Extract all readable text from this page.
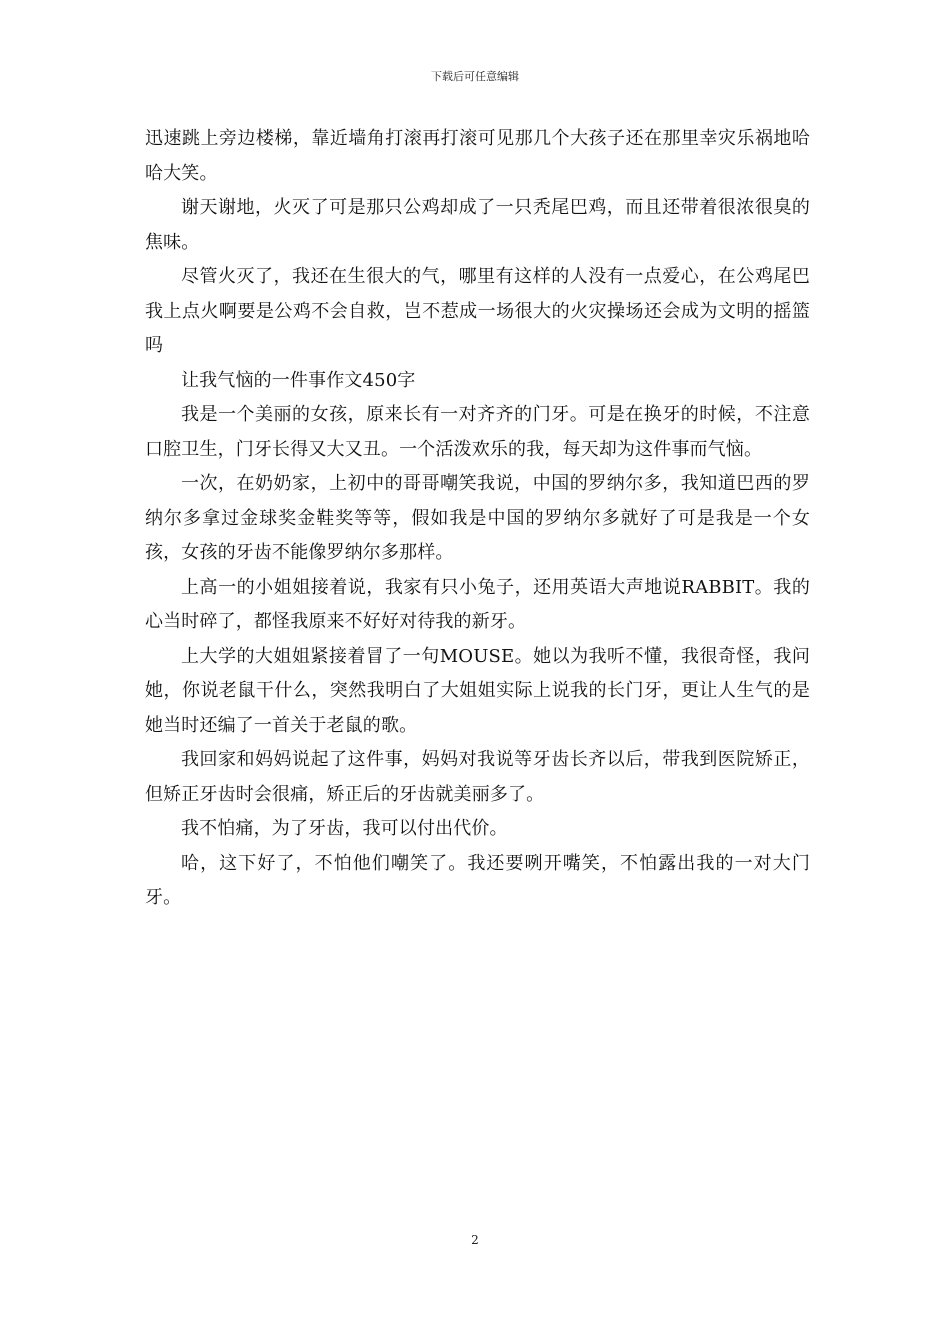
下载后可任意编辑

迅速跳上旁边楼梯，靠近墙角打滚再打滚可见那几个大孩子还在那里幸灾乐祸地哈哈大笑。

谢天谢地，火灭了可是那只公鸡却成了一只秃尾巴鸡，而且还带着很浓很臭的焦味。

尽管火灭了，我还在生很大的气，哪里有这样的人没有一点爱心，在公鸡尾巴我上点火啊要是公鸡不会自救，岂不惹成一场很大的火灾操场还会成为文明的摇篮吗

让我气恼的一件事作文450字

我是一个美丽的女孩，原来长有一对齐齐的门牙。可是在换牙的时候，不注意口腔卫生，门牙长得又大又丑。一个活泼欢乐的我，每天却为这件事而气恼。

一次，在奶奶家，上初中的哥哥嘲笑我说，中国的罗纳尔多，我知道巴西的罗纳尔多拿过金球奖金鞋奖等等，假如我是中国的罗纳尔多就好了可是我是一个女孩，女孩的牙齿不能像罗纳尔多那样。

上高一的小姐姐接着说，我家有只小兔子，还用英语大声地说RABBIT。我的心当时碎了，都怪我原来不好好对待我的新牙。

上大学的大姐姐紧接着冒了一句MOUSE。她以为我听不懂，我很奇怪，我问她，你说老鼠干什么，突然我明白了大姐姐实际上说我的长门牙，更让人生气的是她当时还编了一首关于老鼠的歌。

我回家和妈妈说起了这件事，妈妈对我说等牙齿长齐以后，带我到医院矫正，但矫正牙齿时会很痛，矫正后的牙齿就美丽多了。

我不怕痛，为了牙齿，我可以付出代价。

哈，这下好了，不怕他们嘲笑了。我还要咧开嘴笑，不怕露出我的一对大门牙。

2
